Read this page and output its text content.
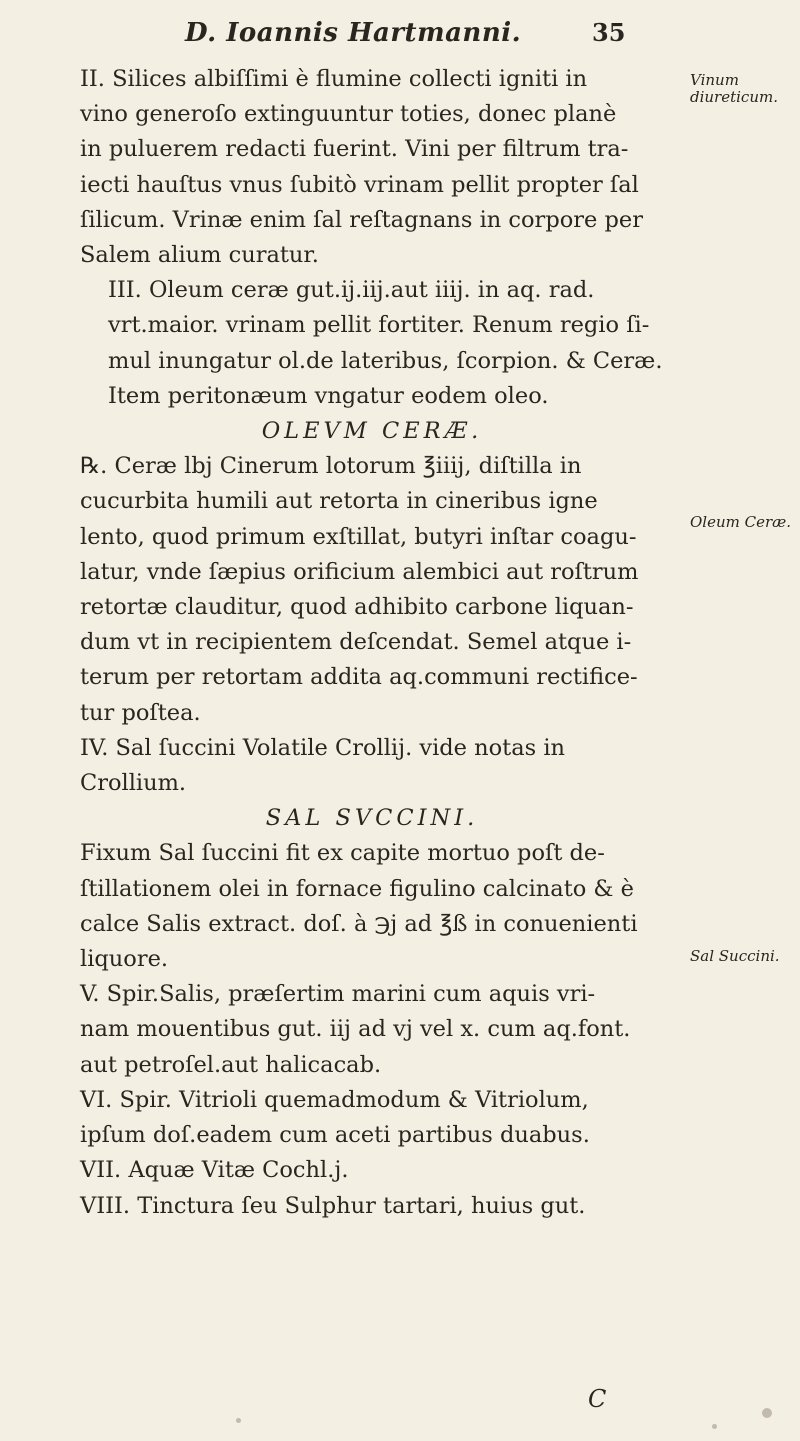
D. Ioannis Hartmanni.	35

II. Silices albiſſimi è flumine collecti igniti in
vino generoſo extinguuntur toties, donec planè
in puluerem redacti fuerint. Vini per filtrum tra-
iecti hauſtus vnus ſubitò vrinam pellit propter ſal
ſilicum. Vrinæ enim ſal reſtagnans in corpore per
Salem alium curatur.

III. Oleum ceræ gut.ij.iij.aut iiij. in aq. rad.
vrt.maior. vrinam pellit fortiter. Renum regio ſi-
mul inungatur ol.de lateribus, ſcorpion. & Ceræ.
Item peritonæum vngatur eodem oleo.

OLEVM CERÆ.

℞. Ceræ lbj Cinerum lotorum ℥iiij, diſtilla in
cucurbita humili aut retorta in cineribus igne
lento, quod primum exſtillat, butyri inſtar coagu-
latur, vnde ſæpius orificium alembici aut roſtrum
retortæ clauditur, quod adhibito carbone liquan-
dum vt in recipientem deſcendat. Semel atque i-
terum per retortam addita aq.communi rectifice-
tur poſtea.

IV. Sal ſuccini Volatile Crollij. vide notas in
Crollium.

SAL SVCCINI.

Fixum Sal ſuccini fit ex capite mortuo poſt de-
ſtillationem olei in fornace figulino calcinato & è
calce Salis extract. doſ. à ℈j ad ℥ß in conuenienti
liquore.

V. Spir.Salis, præſertim marini cum aquis vri-
nam mouentibus gut. iij ad vj vel x. cum aq.font.
aut petroſel.aut halicacab.

VI. Spir. Vitrioli quemadmodum & Vitriolum,
ipſum doſ.eadem cum aceti partibus duabus.

VII. Aquæ Vitæ Cochl.j.

VIII. Tinctura ſeu Sulphur tartari, huius gut.

Vinum diureticum.
Oleum Ceræ.
Sal Succini.
C
